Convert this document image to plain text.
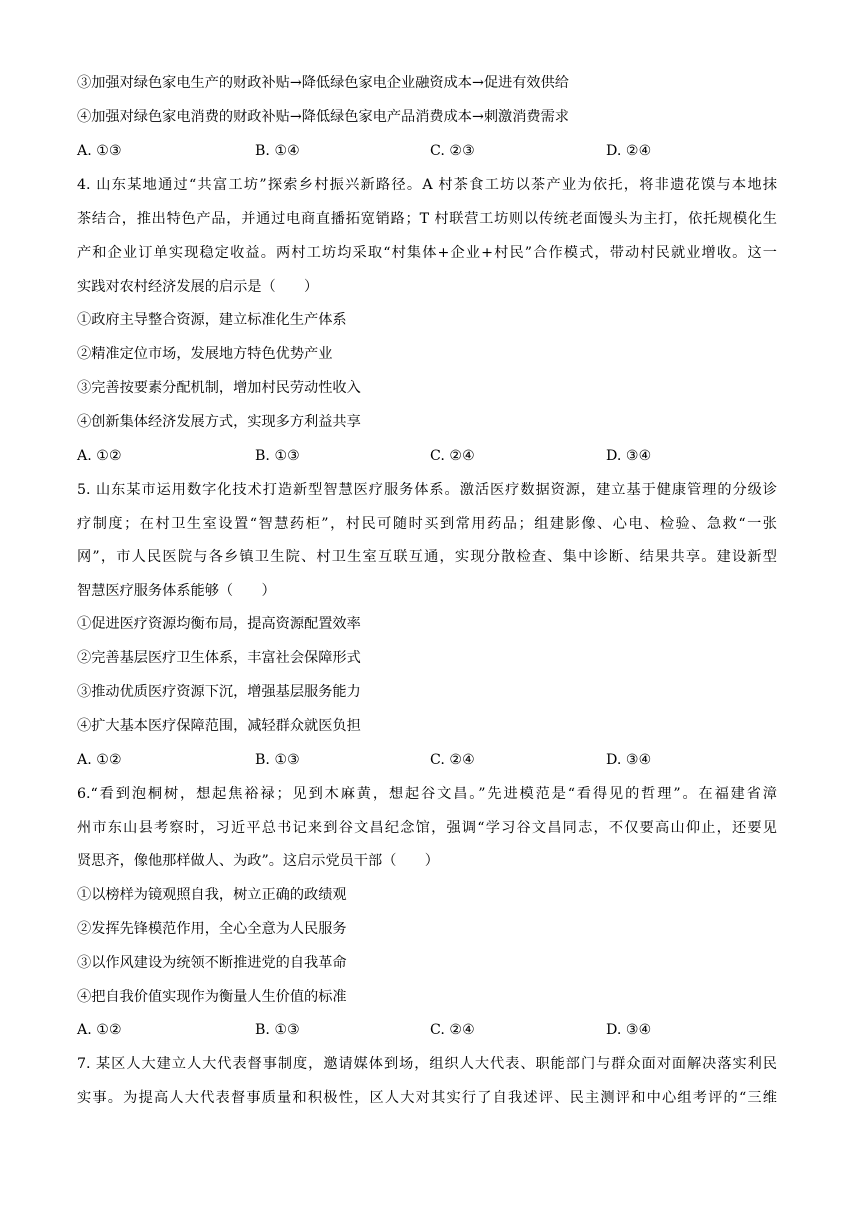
③加强对绿色家电生产的财政补贴→降低绿色家电企业融资成本→促进有效供给
④加强对绿色家电消费的财政补贴→降低绿色家电产品消费成本→刺激消费需求
A. ①③	B. ①④	C. ②③	D. ②④
4. 山东某地通过“共富工坊”探索乡村振兴新路径。A 村茶食工坊以茶产业为依托，将非遗花馍与本地抹
茶结合，推出特色产品，并通过电商直播拓宽销路；T 村联营工坊则以传统老面馒头为主打，依托规模化生
产和企业订单实现稳定收益。两村工坊均采取“村集体+企业+村民”合作模式，带动村民就业增收。这一
实践对农村经济发展的启示是（　　）
①政府主导整合资源，建立标准化生产体系
②精准定位市场，发展地方特色优势产业
③完善按要素分配机制，增加村民劳动性收入
④创新集体经济发展方式，实现多方利益共享
A. ①②	B. ①③	C. ②④	D. ③④
5. 山东某市运用数字化技术打造新型智慧医疗服务体系。激活医疗数据资源，建立基于健康管理的分级诊
疗制度；在村卫生室设置“智慧药柜”，村民可随时买到常用药品；组建影像、心电、检验、急救“一张
网”，市人民医院与各乡镇卫生院、村卫生室互联互通，实现分散检查、集中诊断、结果共享。建设新型
智慧医疗服务体系能够（　　）
①促进医疗资源均衡布局，提高资源配置效率
②完善基层医疗卫生体系，丰富社会保障形式
③推动优质医疗资源下沉，增强基层服务能力
④扩大基本医疗保障范围，减轻群众就医负担
A. ①②	B. ①③	C. ②④	D. ③④
6.“看到泡桐树，想起焦裕禄；见到木麻黄，想起谷文昌。”先进模范是“看得见的哲理”。在福建省漳
州市东山县考察时，习近平总书记来到谷文昌纪念馆，强调“学习谷文昌同志，不仅要高山仰止，还要见
贤思齐，像他那样做人、为政”。这启示党员干部（　　）
①以榜样为镜观照自我，树立正确的政绩观
②发挥先锋模范作用，全心全意为人民服务
③以作风建设为统领不断推进党的自我革命
④把自我价值实现作为衡量人生价值的标准
A. ①②	B. ①③	C. ②④	D. ③④
7. 某区人大建立人大代表督事制度，邀请媒体到场，组织人大代表、职能部门与群众面对面解决落实利民
实事。为提高人大代表督事质量和积极性，区人大对其实行了自我述评、民主测评和中心组考评的“三维
